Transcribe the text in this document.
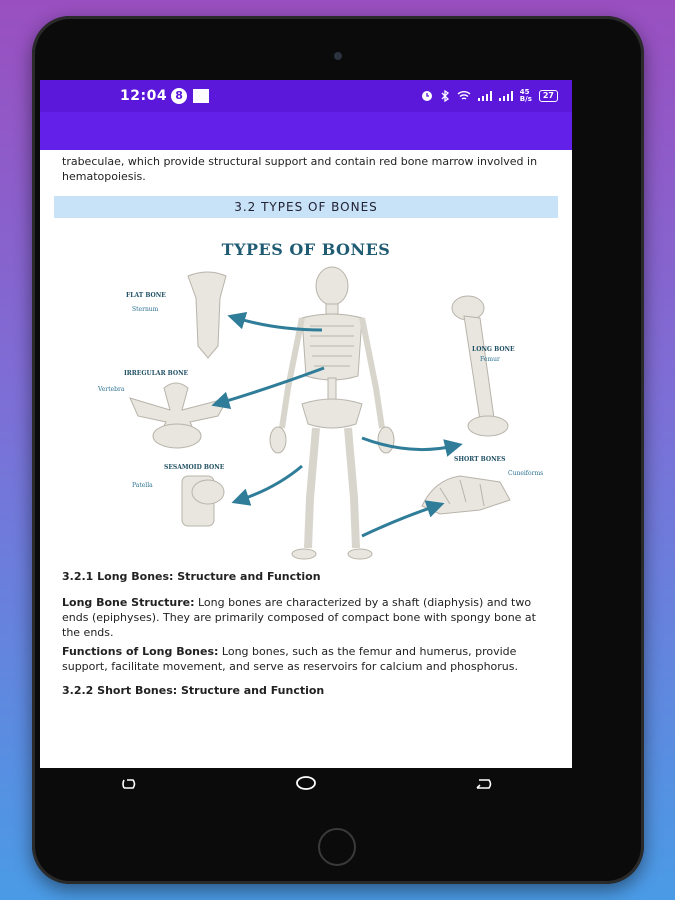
12:04 8	45
B/s	27

trabeculae, which provide structural support and contain red bone marrow involved in hematopoiesis.

3.2 TYPES OF BONES
TYPES OF BONES
FLAT BONE
Sternum
IRREGULAR BONE
Vertebra
SESAMOID BONE
Patella
LONG BONE
Femur
SHORT BONES
Cuneiforms
3.2.1 Long Bones: Structure and Function

Long Bone Structure: Long bones are characterized by a shaft (diaphysis) and two ends (epiphyses). They are primarily composed of compact bone with spongy bone at the ends.

Functions of Long Bones: Long bones, such as the femur and humerus, provide support, facilitate movement, and serve as reservoirs for calcium and phosphorus.

3.2.2 Short Bones: Structure and Function
